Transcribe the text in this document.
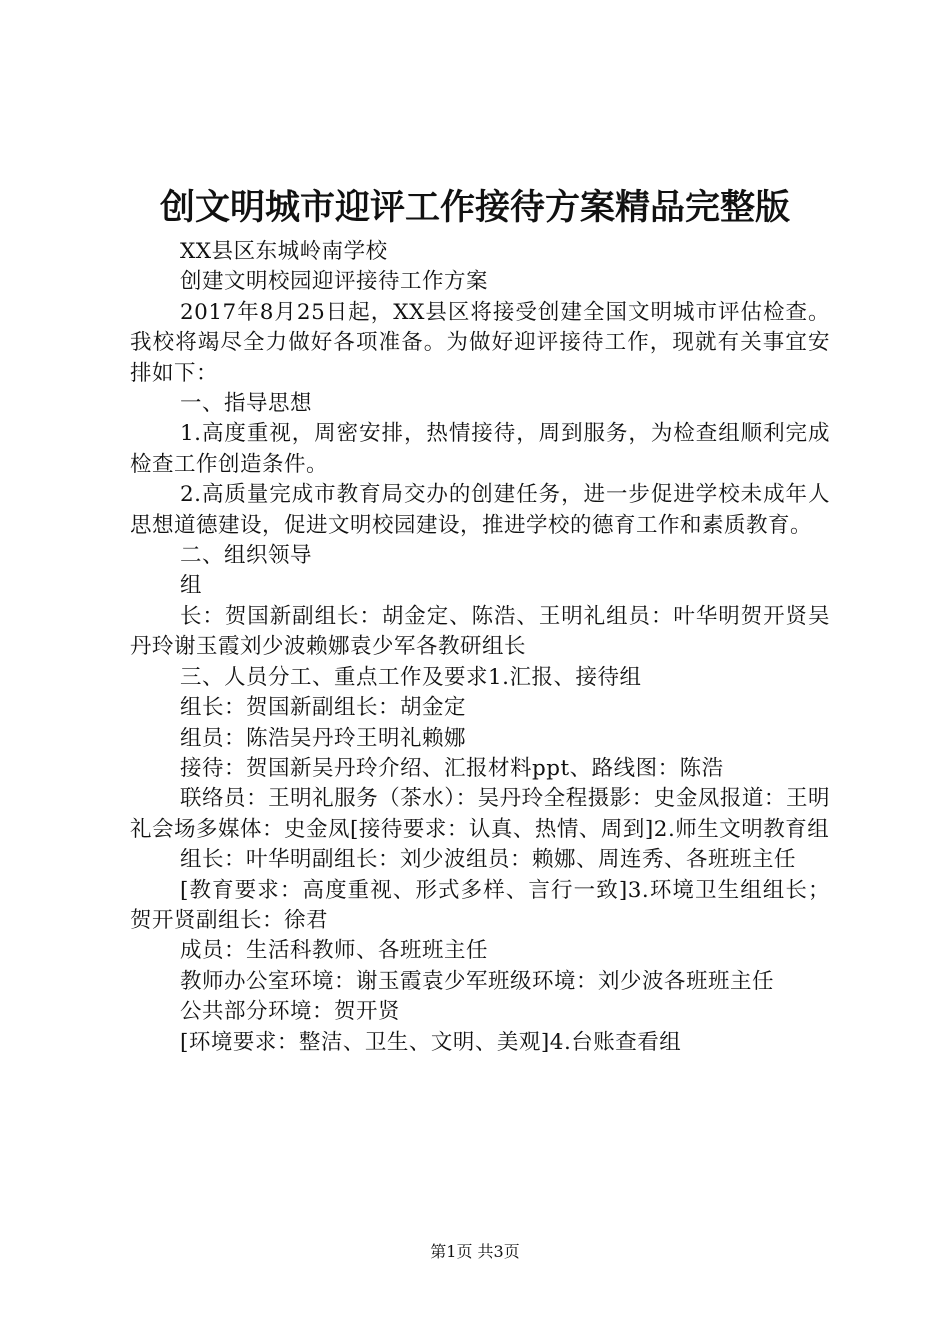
创文明城市迎评工作接待方案精品完整版

XX县区东城岭南学校

创建文明校园迎评接待工作方案

2017年8月25日起，XX县区将接受创建全国文明城市评估检查。我校将竭尽全力做好各项准备。为做好迎评接待工作，现就有关事宜安排如下：

一、指导思想

1.高度重视，周密安排，热情接待，周到服务，为检查组顺利完成检查工作创造条件。

2.高质量完成市教育局交办的创建任务，进一步促进学校未成年人思想道德建设，促进文明校园建设，推进学校的德育工作和素质教育。

二、组织领导

组

长：贺国新副组长：胡金定、陈浩、王明礼组员：叶华明贺开贤吴丹玲谢玉霞刘少波赖娜袁少军各教研组长

三、人员分工、重点工作及要求1.汇报、接待组

组长：贺国新副组长：胡金定

组员：陈浩吴丹玲王明礼赖娜

接待：贺国新吴丹玲介绍、汇报材料ppt、路线图：陈浩

联络员：王明礼服务（茶水）：吴丹玲全程摄影：史金凤报道：王明礼会场多媒体：史金凤[接待要求：认真、热情、周到]2.师生文明教育组

组长：叶华明副组长：刘少波组员：赖娜、周连秀、各班班主任

[教育要求：高度重视、形式多样、言行一致]3.环境卫生组组长；贺开贤副组长：徐君

成员：生活科教师、各班班主任

教师办公室环境：谢玉霞袁少军班级环境：刘少波各班班主任

公共部分环境：贺开贤

[环境要求：整洁、卫生、文明、美观]4.台账查看组

第1页 共3页
